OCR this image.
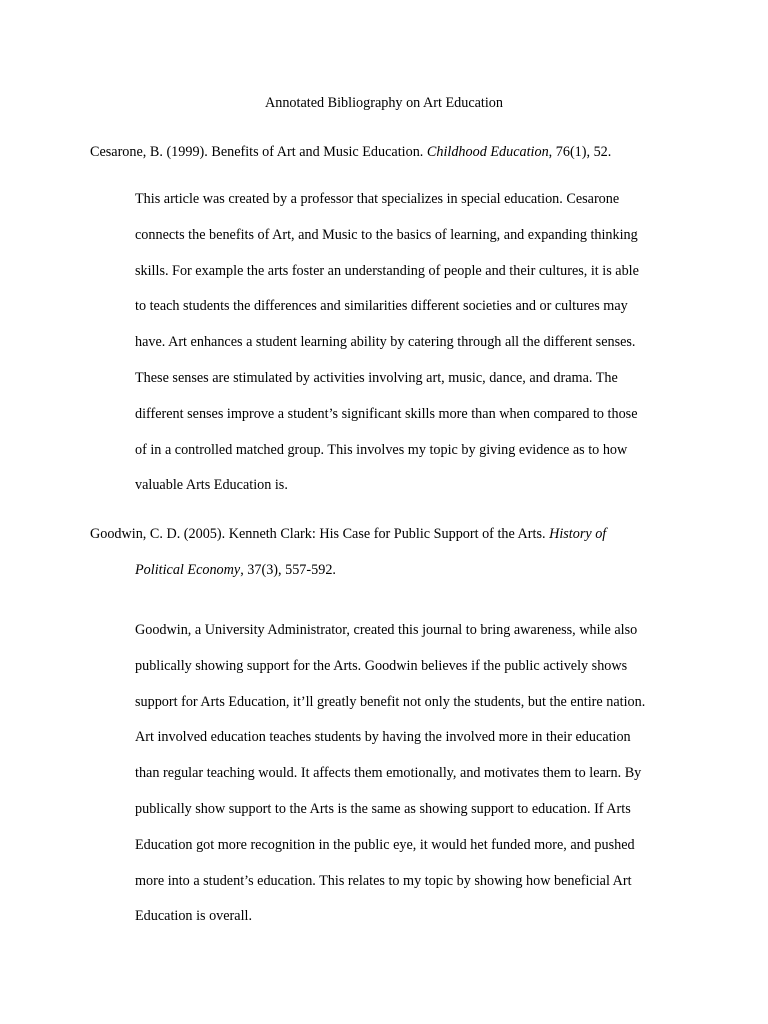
Annotated Bibliography on Art Education

Cesarone, B. (1999). Benefits of Art and Music Education. Childhood Education, 76(1), 52.

This article was created by a professor that specializes in special education. Cesarone
connects the benefits of Art, and Music to the basics of learning, and expanding thinking
skills. For example the arts foster an understanding of people and their cultures, it is able
to teach students the differences and similarities different societies and or cultures may
have. Art enhances a student learning ability by catering through all the different senses.
These senses are stimulated by activities involving art, music, dance, and drama. The
different senses improve a student’s significant skills more than when compared to those
of in a controlled matched group. This involves my topic by giving evidence as to how
valuable Arts Education is.

Goodwin, C. D. (2005). Kenneth Clark: His Case for Public Support of the Arts. History of
Political Economy, 37(3), 557-592.

Goodwin, a University Administrator, created this journal to bring awareness, while also
publically showing support for the Arts. Goodwin believes if the public actively shows
support for Arts Education, it’ll greatly benefit not only the students, but the entire nation.
Art involved education teaches students by having the involved more in their education
than regular teaching would. It affects them emotionally, and motivates them to learn. By
publically show support to the Arts is the same as showing support to education. If Arts
Education got more recognition in the public eye, it would het funded more, and pushed
more into a student’s education. This relates to my topic by showing how beneficial Art
Education is overall.
